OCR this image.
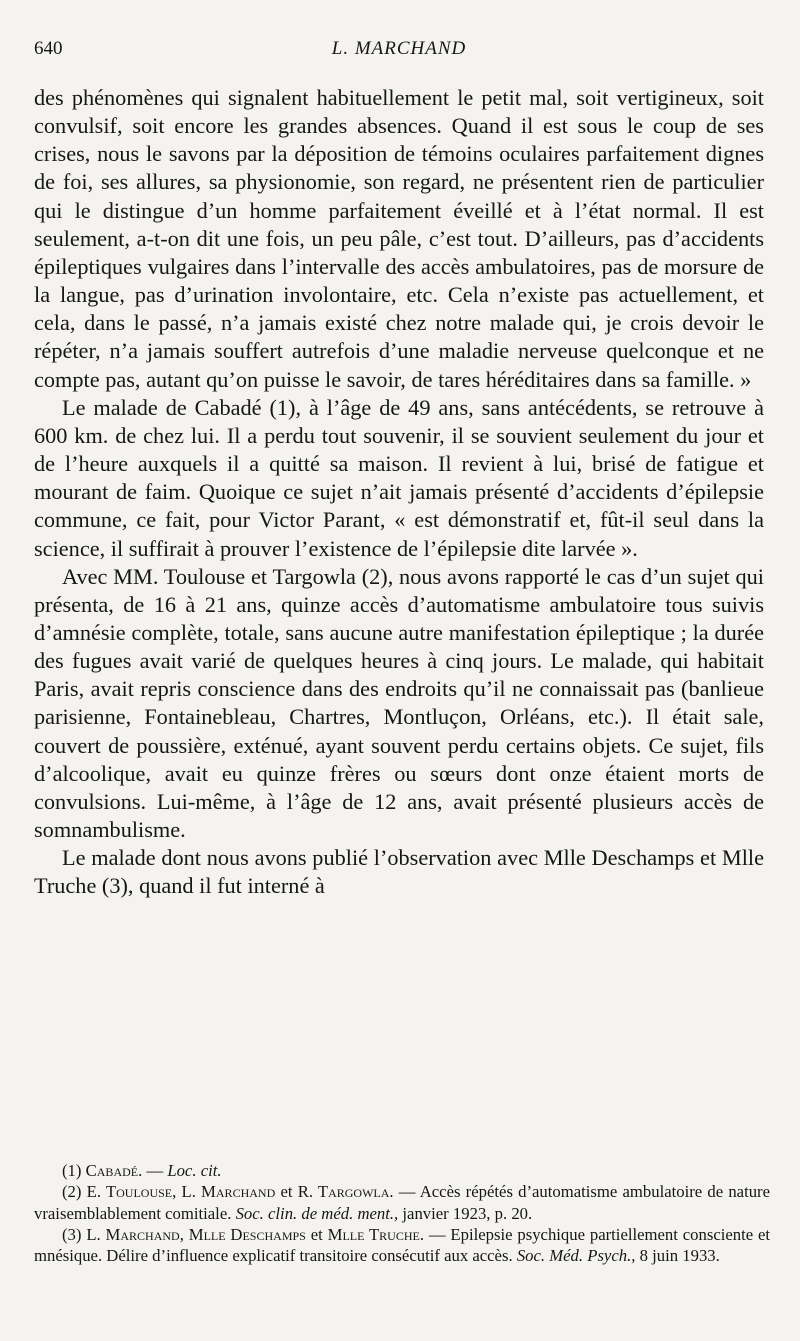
640	L. MARCHAND

des phénomènes qui signalent habituellement le petit mal, soit vertigineux, soit convulsif, soit encore les grandes absences. Quand il est sous le coup de ses crises, nous le savons par la déposition de témoins oculaires parfaitement dignes de foi, ses allures, sa physionomie, son regard, ne présentent rien de particulier qui le distingue d’un homme parfaitement éveillé et à l’état normal. Il est seulement, a-t-on dit une fois, un peu pâle, c’est tout. D’ailleurs, pas d’accidents épileptiques vulgaires dans l’intervalle des accès ambulatoires, pas de morsure de la langue, pas d’urination involontaire, etc. Cela n’existe pas actuellement, et cela, dans le passé, n’a jamais existé chez notre malade qui, je crois devoir le répéter, n’a jamais souffert autrefois d’une maladie nerveuse quelconque et ne compte pas, autant qu’on puisse le savoir, de tares héréditaires dans sa famille. »

Le malade de Cabadé (1), à l’âge de 49 ans, sans antécédents, se retrouve à 600 km. de chez lui. Il a perdu tout souvenir, il se souvient seulement du jour et de l’heure auxquels il a quitté sa maison. Il revient à lui, brisé de fatigue et mourant de faim. Quoique ce sujet n’ait jamais présenté d’accidents d’épilepsie commune, ce fait, pour Victor Parant, « est démonstratif et, fût-il seul dans la science, il suffirait à prouver l’existence de l’épilepsie dite larvée ».

Avec MM. Toulouse et Targowla (2), nous avons rapporté le cas d’un sujet qui présenta, de 16 à 21 ans, quinze accès d’automatisme ambulatoire tous suivis d’amnésie complète, totale, sans aucune autre manifestation épileptique ; la durée des fugues avait varié de quelques heures à cinq jours. Le malade, qui habitait Paris, avait repris conscience dans des endroits qu’il ne connaissait pas (banlieue parisienne, Fontainebleau, Chartres, Montluçon, Orléans, etc.). Il était sale, couvert de poussière, exténué, ayant souvent perdu certains objets. Ce sujet, fils d’alcoolique, avait eu quinze frères ou sœurs dont onze étaient morts de convulsions. Lui-même, à l’âge de 12 ans, avait présenté plusieurs accès de somnambulisme.

Le malade dont nous avons publié l’observation avec Mlle Deschamps et Mlle Truche (3), quand il fut interné à

(1) Cabadé. — Loc. cit.

(2) E. Toulouse, L. Marchand et R. Targowla. — Accès répétés d’automatisme ambulatoire de nature vraisemblablement comitiale. Soc. clin. de méd. ment., janvier 1923, p. 20.

(3) L. Marchand, Mlle Deschamps et Mlle Truche. — Epilepsie psychique partiellement consciente et mnésique. Délire d’influence explicatif transitoire consécutif aux accès. Soc. Méd. Psych., 8 juin 1933.
